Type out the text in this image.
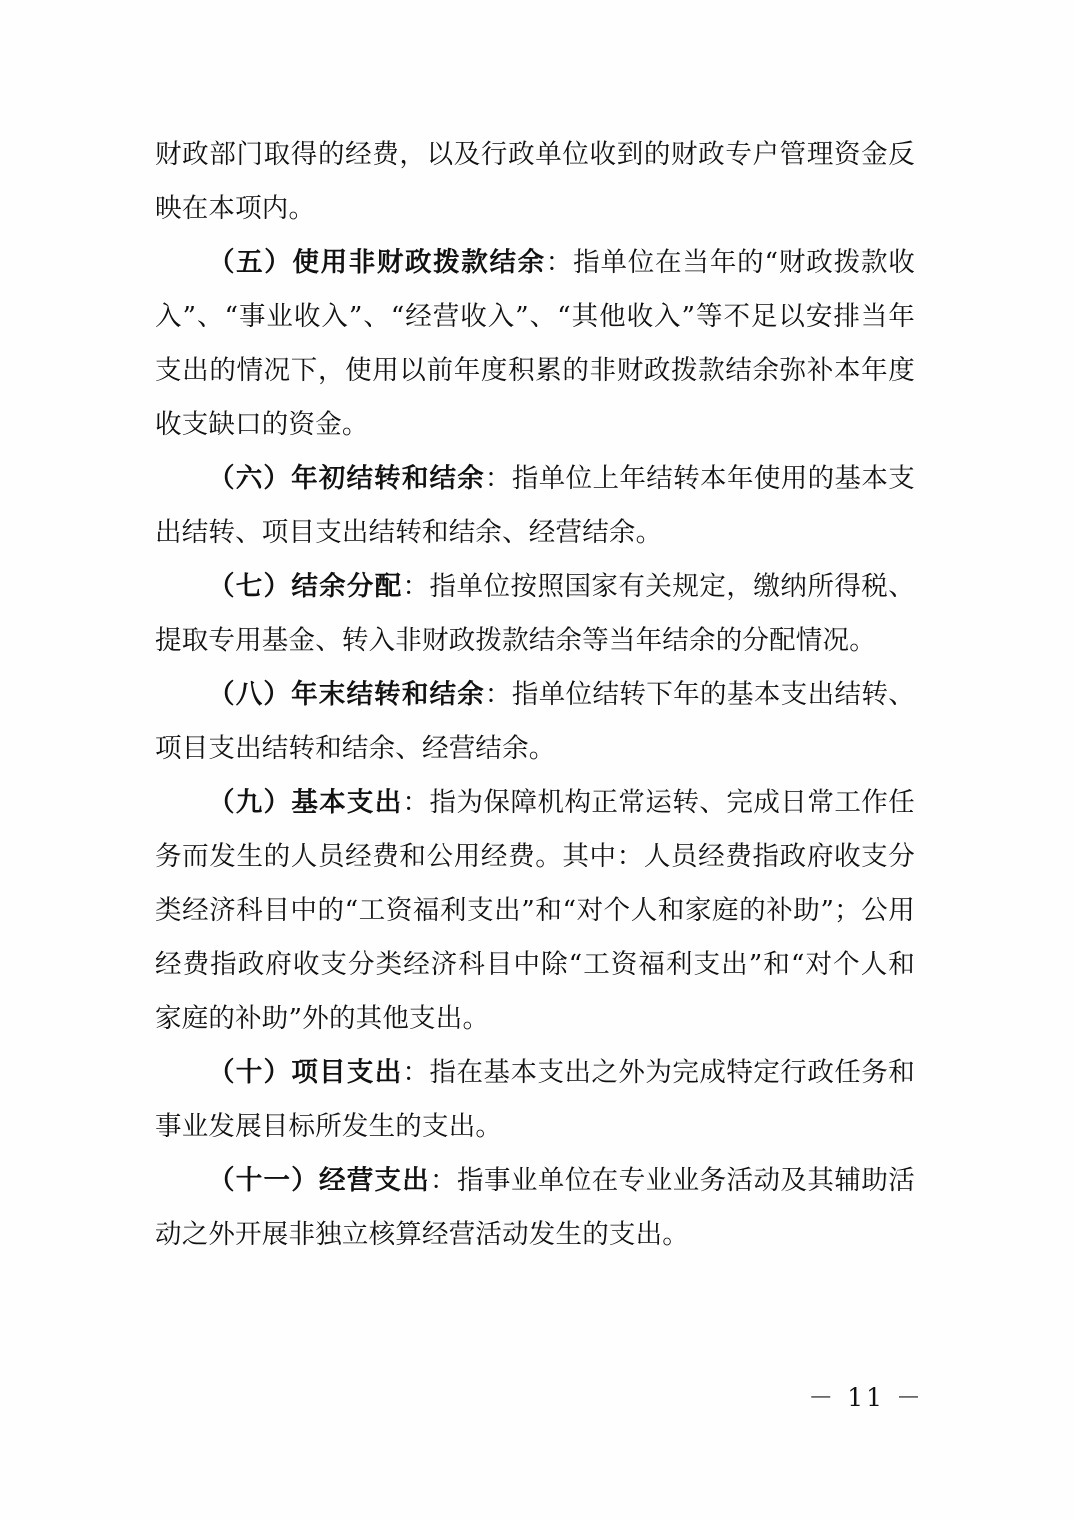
财政部门取得的经费，以及行政单位收到的财政专户管理资金反映在本项内。

（五）使用非财政拨款结余：指单位在当年的“财政拨款收入”、“事业收入”、“经营收入”、“其他收入”等不足以安排当年支出的情况下，使用以前年度积累的非财政拨款结余弥补本年度收支缺口的资金。

（六）年初结转和结余：指单位上年结转本年使用的基本支出结转、项目支出结转和结余、经营结余。

（七）结余分配：指单位按照国家有关规定，缴纳所得税、提取专用基金、转入非财政拨款结余等当年结余的分配情况。

（八）年末结转和结余：指单位结转下年的基本支出结转、项目支出结转和结余、经营结余。

（九）基本支出：指为保障机构正常运转、完成日常工作任务而发生的人员经费和公用经费。其中：人员经费指政府收支分类经济科目中的“工资福利支出”和“对个人和家庭的补助”；公用经费指政府收支分类经济科目中除“工资福利支出”和“对个人和家庭的补助”外的其他支出。

（十）项目支出：指在基本支出之外为完成特定行政任务和事业发展目标所发生的支出。

（十一）经营支出：指事业单位在专业业务活动及其辅助活动之外开展非独立核算经营活动发生的支出。

－ 11 －
